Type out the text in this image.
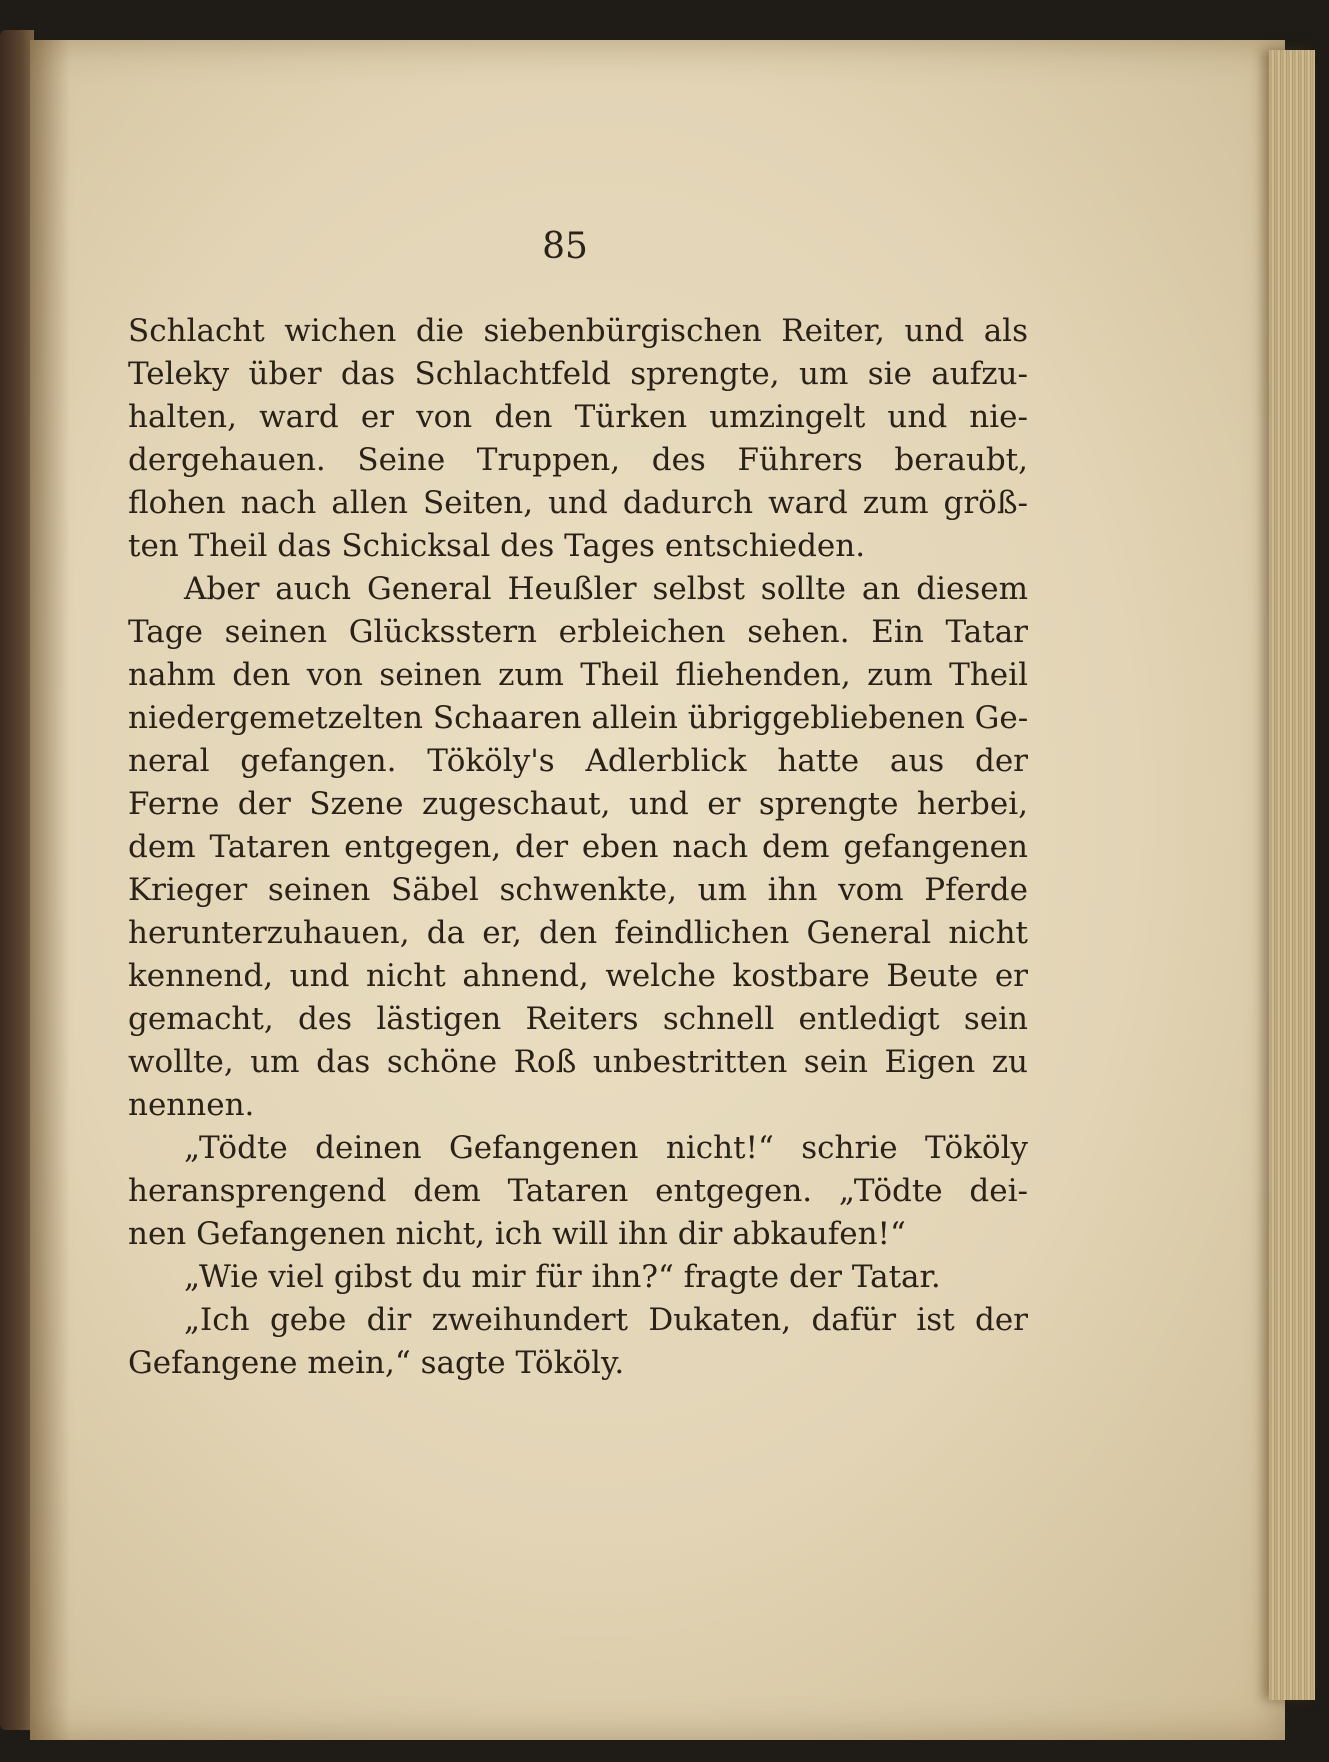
85
Schlacht wichen die siebenbürgischen Reiter, und als
Teleky über das Schlachtfeld sprengte, um sie aufzu-
halten, ward er von den Türken umzingelt und nie-
dergehauen. Seine Truppen, des Führers beraubt,
flohen nach allen Seiten, und dadurch ward zum größ-
ten Theil das Schicksal des Tages entschieden.
Aber auch General Heußler selbst sollte an diesem
Tage seinen Glücksstern erbleichen sehen. Ein Tatar
nahm den von seinen zum Theil fliehenden, zum Theil
niedergemetzelten Schaaren allein übriggebliebenen Ge-
neral gefangen. Tököly's Adlerblick hatte aus der
Ferne der Szene zugeschaut, und er sprengte herbei,
dem Tataren entgegen, der eben nach dem gefangenen
Krieger seinen Säbel schwenkte, um ihn vom Pferde
herunterzuhauen, da er, den feindlichen General nicht
kennend, und nicht ahnend, welche kostbare Beute er
gemacht, des lästigen Reiters schnell entledigt sein
wollte, um das schöne Roß unbestritten sein Eigen zu
nennen.
„Tödte deinen Gefangenen nicht!“ schrie Tököly
heransprengend dem Tataren entgegen. „Tödte dei-
nen Gefangenen nicht, ich will ihn dir abkaufen!“
„Wie viel gibst du mir für ihn?“ fragte der Tatar.
„Ich gebe dir zweihundert Dukaten, dafür ist der
Gefangene mein,“ sagte Tököly.
